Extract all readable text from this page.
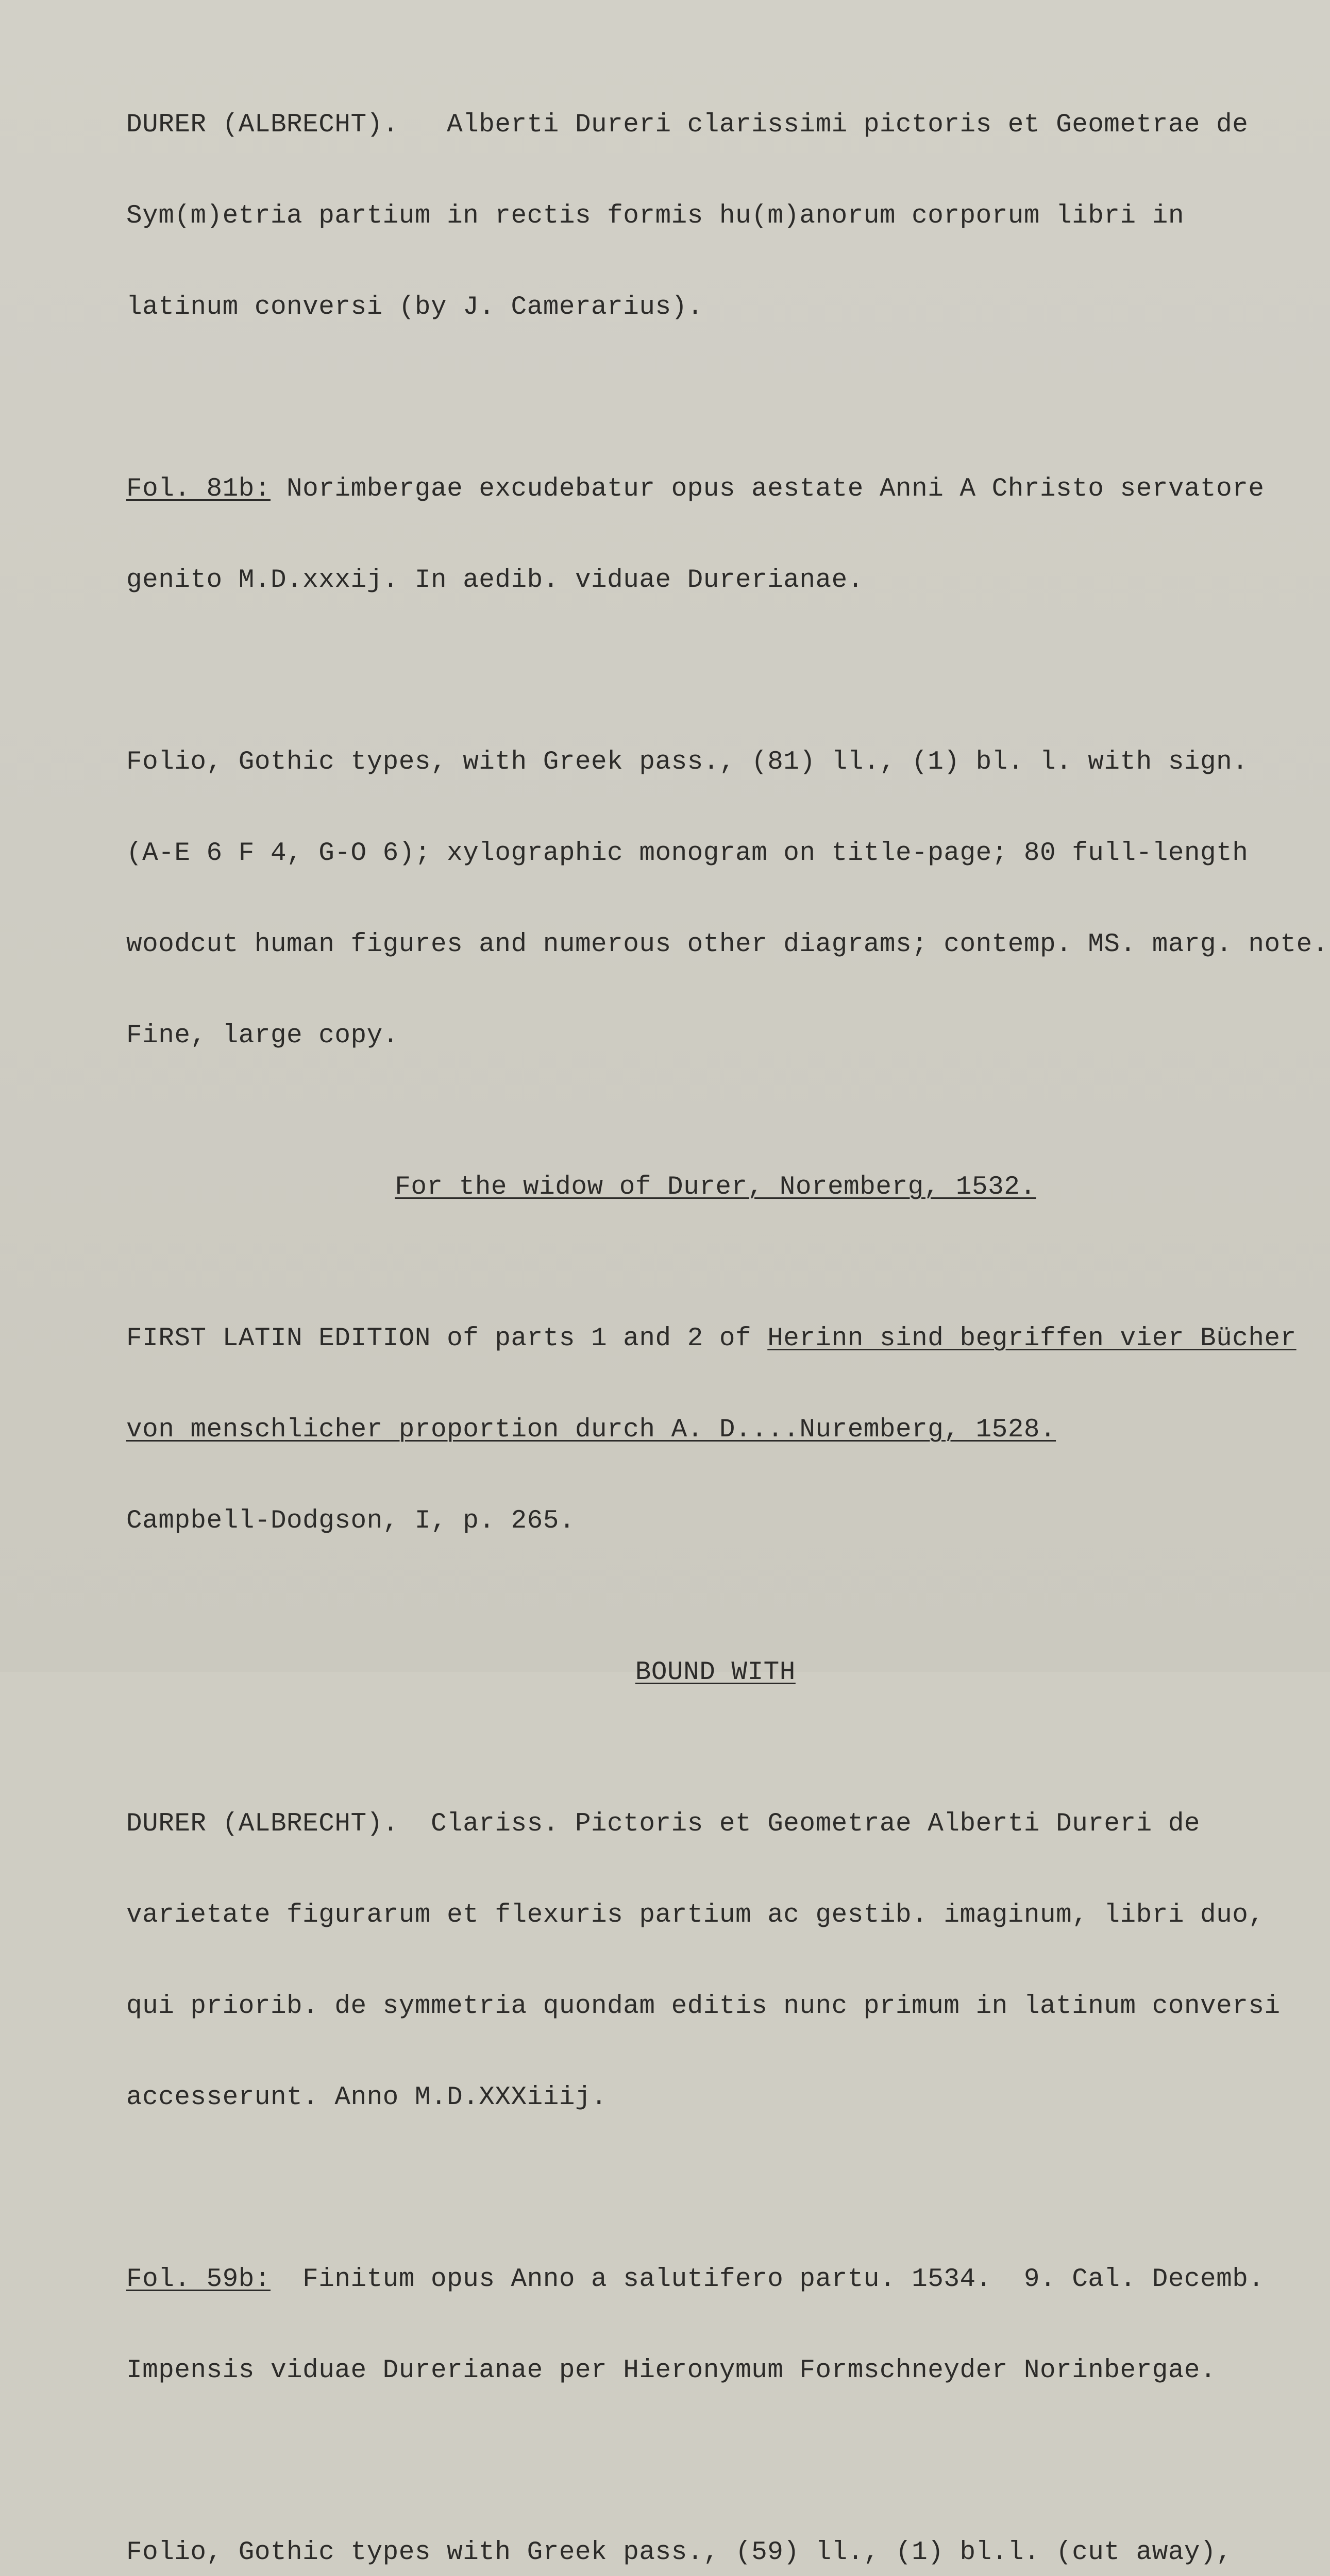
DURER (ALBRECHT).   Alberti Dureri clarissimi pictoris et Geometrae de

Sym(m)etria partium in rectis formis hu(m)anorum corporum libri in

latinum conversi (by J. Camerarius).

Fol. 81b: Norimbergae excudebatur opus aestate Anni A Christo servatore

genito M.D.xxxij. In aedib. viduae Durerianae.

Folio, Gothic types, with Greek pass., (81) ll., (1) bl. l. with sign.

(A-E 6 F 4, G-O 6); xylographic monogram on title-page; 80 full-length

woodcut human figures and numerous other diagrams; contemp. MS. marg. note.

Fine, large copy.

For the widow of Durer, Noremberg, 1532.

FIRST LATIN EDITION of parts 1 and 2 of Herinn sind begriffen vier Bücher

von menschlicher proportion durch A. D....Nuremberg, 1528.

Campbell-Dodgson, I, p. 265.

BOUND WITH

DURER (ALBRECHT).  Clariss. Pictoris et Geometrae Alberti Dureri de

varietate figurarum et flexuris partium ac gestib. imaginum, libri duo,

qui priorib. de symmetria quondam editis nunc primum in latinum conversi

accesserunt. Anno M.D.XXXiiij.

Fol. 59b:  Finitum opus Anno a salutifero partu. 1534.  9. Cal. Decemb.

Impensis viduae Durerianae per Hieronymum Formschneyder Norinbergae.

Folio, Gothic types with Greek pass., (59) ll., (1) bl.l. (cut away),
